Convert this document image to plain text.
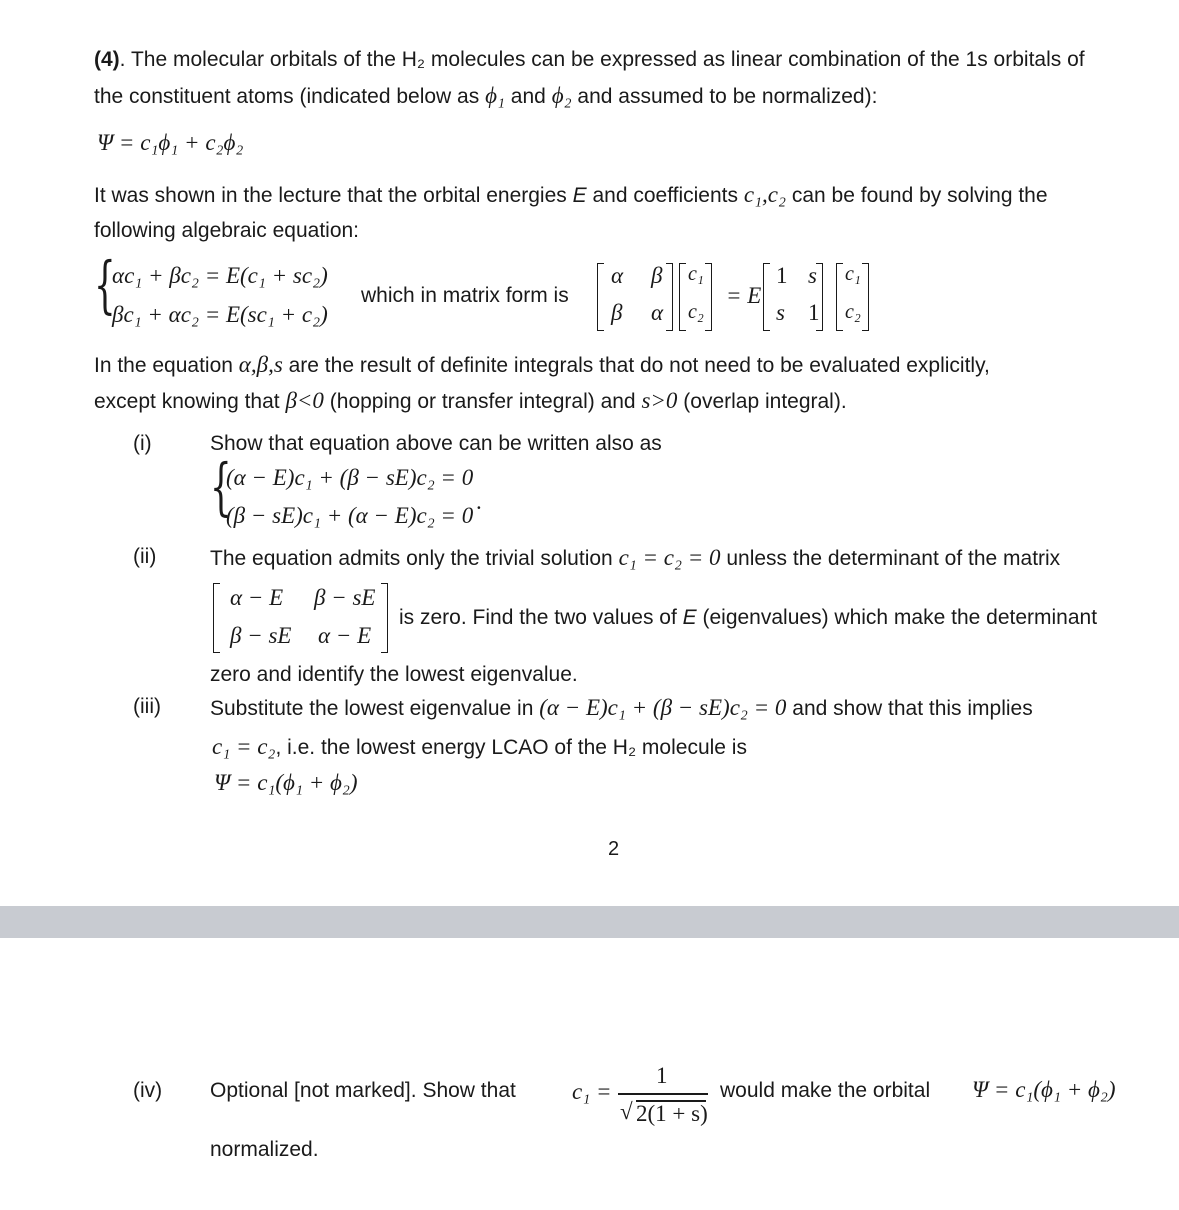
(4). The molecular orbitals of the H₂ molecules can be expressed as linear combination of the 1s orbitals of
the constituent atoms (indicated below as ϕ₁ and ϕ₂ and assumed to be normalized):
Ψ = c₁ϕ₁ + c₂ϕ₂
It was shown in the lecture that the orbital energies E and coefficients c₁,c₂ can be found by solving the
following algebraic equation:
{
αc₁ + βc₂ = E(c₁ + sc₂)
βc₁ + αc₂ = E(sc₁ + c₂)
which in matrix form is
α β
β α
c₁
c₂
= E
1 s
s 1
c₁
c₂
In the equation α,β,s are the result of definite integrals that do not need to be evaluated explicitly,
except knowing that β<0 (hopping or transfer integral) and s>0 (overlap integral).
(i)	Show that equation above can be written also as
{
(α − E)c₁ + (β − sE)c₂ = 0
(β − sE)c₁ + (α − E)c₂ = 0
.
(ii)	The equation admits only the trivial solution c₁ = c₂ = 0 unless the determinant of the matrix
α − E β − sE
β − sE α − E
is zero. Find the two values of E (eigenvalues) which make the determinant
zero and identify the lowest eigenvalue.
(iii) Substitute the lowest eigenvalue in (α − E)c₁ + (β − sE)c₂ = 0 and show that this implies
c₁ = c₂, i.e. the lowest energy LCAO of the H₂ molecule is
Ψ = c₁(ϕ₁ + ϕ₂)
2
(iv) Optional [not marked]. Show that c₁ =
1
√ 2(1 + s)
would make the orbital Ψ = c₁(ϕ₁ + ϕ₂)
normalized.
